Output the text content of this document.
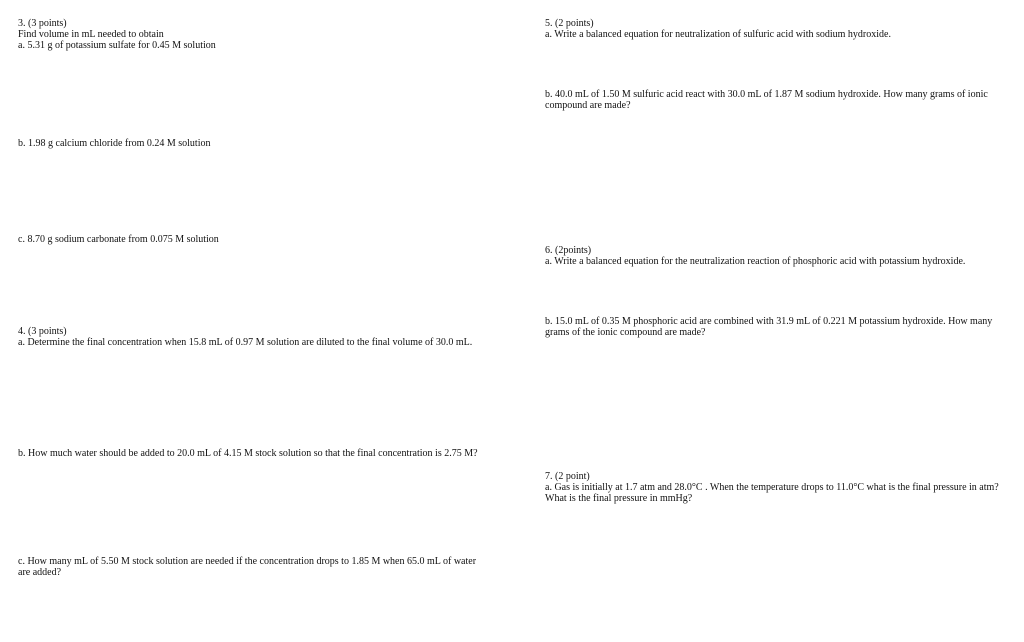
3. (3 points)
Find volume in mL needed to obtain
a. 5.31 g of potassium sulfate for 0.45 M solution
b. 1.98 g calcium chloride from 0.24 M solution
c. 8.70 g sodium carbonate from 0.075 M solution
4. (3 points)
a. Determine the final concentration when 15.8 mL of 0.97 M solution are diluted to the final volume of 30.0 mL.
b. How much water should be added to 20.0 mL of 4.15 M stock solution so that the final concentration is 2.75 M?
c. How many mL of 5.50 M stock solution are needed if the concentration drops to 1.85 M when 65.0 mL of water are added?
5. (2 points)
a. Write a balanced equation for neutralization of sulfuric acid with sodium hydroxide.
b. 40.0 mL of 1.50 M sulfuric acid react with 30.0 mL of 1.87 M sodium hydroxide. How many grams of ionic compound are made?
6. (2points)
a. Write a balanced equation for the neutralization reaction of phosphoric acid with potassium hydroxide.
b. 15.0 mL of 0.35 M phosphoric acid are combined with 31.9 mL of 0.221 M potassium hydroxide. How many grams of the ionic compound are made?
7. (2 point)
a. Gas is initially at 1.7 atm and 28.0°C . When the temperature drops to 11.0°C what is the final pressure in atm? What is the final pressure in mmHg?
